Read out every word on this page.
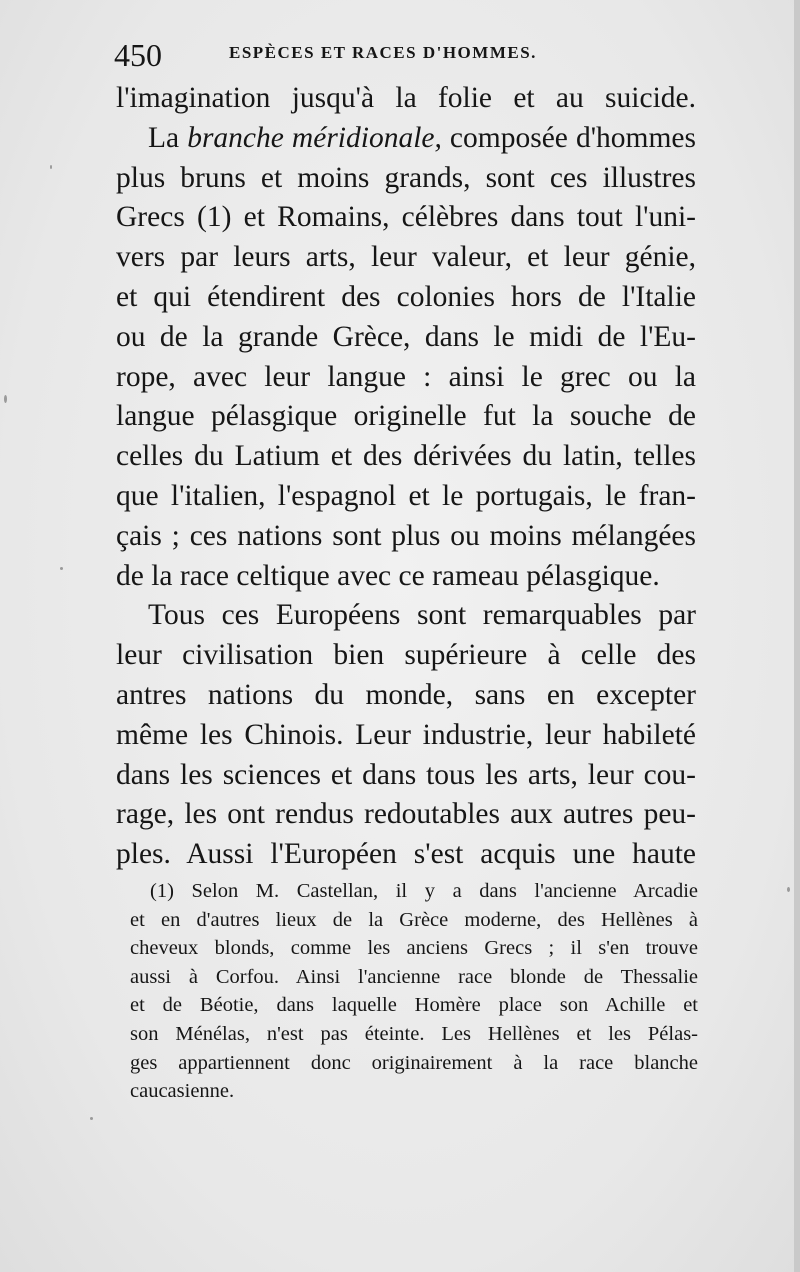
450	ESPÈCES ET RACES D'HOMMES.
l'imagination jusqu'à la folie et au suicide.
La branche méridionale, composée d'hommes
plus bruns et moins grands, sont ces illustres
Grecs (1) et Romains, célèbres dans tout l'uni-
vers par leurs arts, leur valeur, et leur génie,
et qui étendirent des colonies hors de l'Italie
ou de la grande Grèce, dans le midi de l'Eu-
rope, avec leur langue : ainsi le grec ou la
langue pélasgique originelle fut la souche de
celles du Latium et des dérivées du latin, telles
que l'italien, l'espagnol et le portugais, le fran-
çais ; ces nations sont plus ou moins mélangées
de la race celtique avec ce rameau pélasgique.
Tous ces Européens sont remarquables par
leur civilisation bien supérieure à celle des
antres nations du monde, sans en excepter
même les Chinois. Leur industrie, leur habileté
dans les sciences et dans tous les arts, leur cou-
rage, les ont rendus redoutables aux autres peu-
ples. Aussi l'Européen s'est acquis une haute
(1) Selon M. Castellan, il y a dans l'ancienne Arcadie
et en d'autres lieux de la Grèce moderne, des Hellènes à
cheveux blonds, comme les anciens Grecs ; il s'en trouve
aussi à Corfou. Ainsi l'ancienne race blonde de Thessalie
et de Béotie, dans laquelle Homère place son Achille et
son Ménélas, n'est pas éteinte. Les Hellènes et les Pélas-
ges appartiennent donc originairement à la race blanche
caucasienne.
